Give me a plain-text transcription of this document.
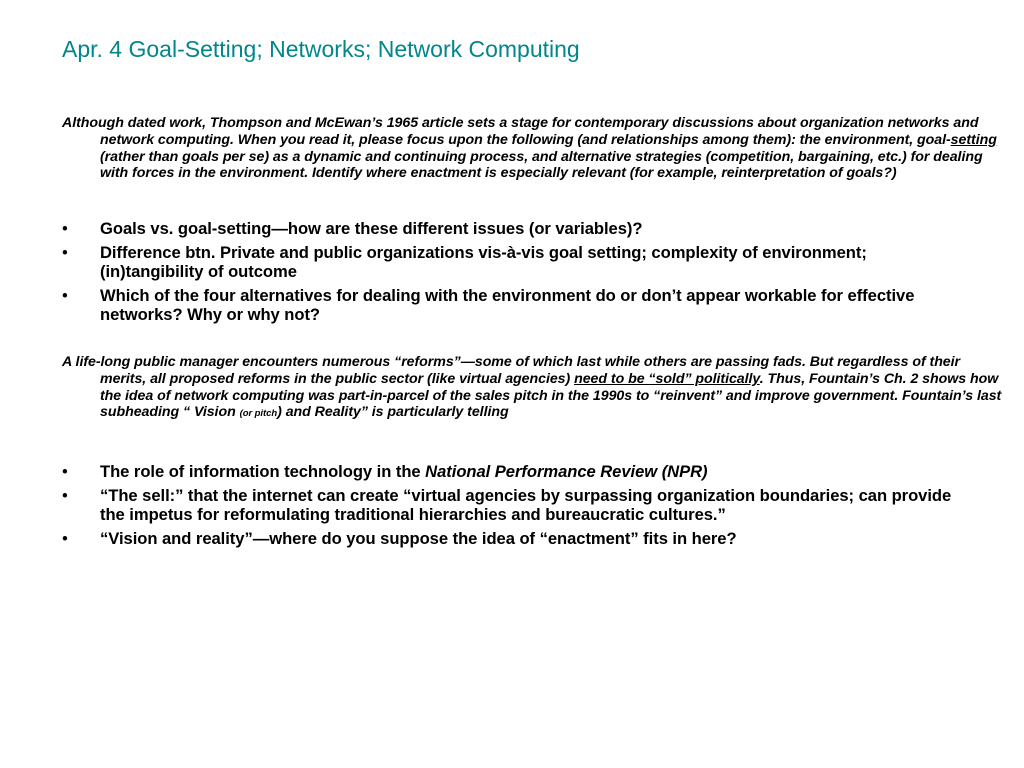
Apr. 4 Goal-Setting; Networks; Network Computing
Although dated work, Thompson and McEwan’s 1965 article sets a stage for contemporary discussions about organization networks and network computing. When you read it, please focus upon the following (and relationships among them): the environment, goal-setting (rather than goals per se) as a dynamic and continuing process, and alternative strategies (competition, bargaining, etc.) for dealing with forces in the environment. Identify where enactment is especially relevant (for example, reinterpretation of goals?)
• Goals vs. goal-setting—how are these different issues (or variables)?
• Difference btn. Private and public organizations vis-à-vis goal setting; complexity of environment; (in)tangibility of outcome
• Which of the four alternatives for dealing with the environment do or don’t appear workable for effective networks? Why or why not?
A life-long public manager encounters numerous “reforms”—some of which last while others are passing fads. But regardless of their merits, all proposed reforms in the public sector (like virtual agencies) need to be “sold” politically. Thus, Fountain’s Ch. 2 shows how the idea of network computing was part-in-parcel of the sales pitch in the 1990s to “reinvent” and improve government. Fountain’s last subheading “ Vision (or pitch) and Reality” is particularly telling
• The role of information technology in the National Performance Review (NPR)
• “The sell:” that the internet can create “virtual agencies by surpassing organization boundaries; can provide the impetus for reformulating traditional hierarchies and bureaucratic cultures.”
• “Vision and reality”—where do you suppose the idea of “enactment” fits in here?
